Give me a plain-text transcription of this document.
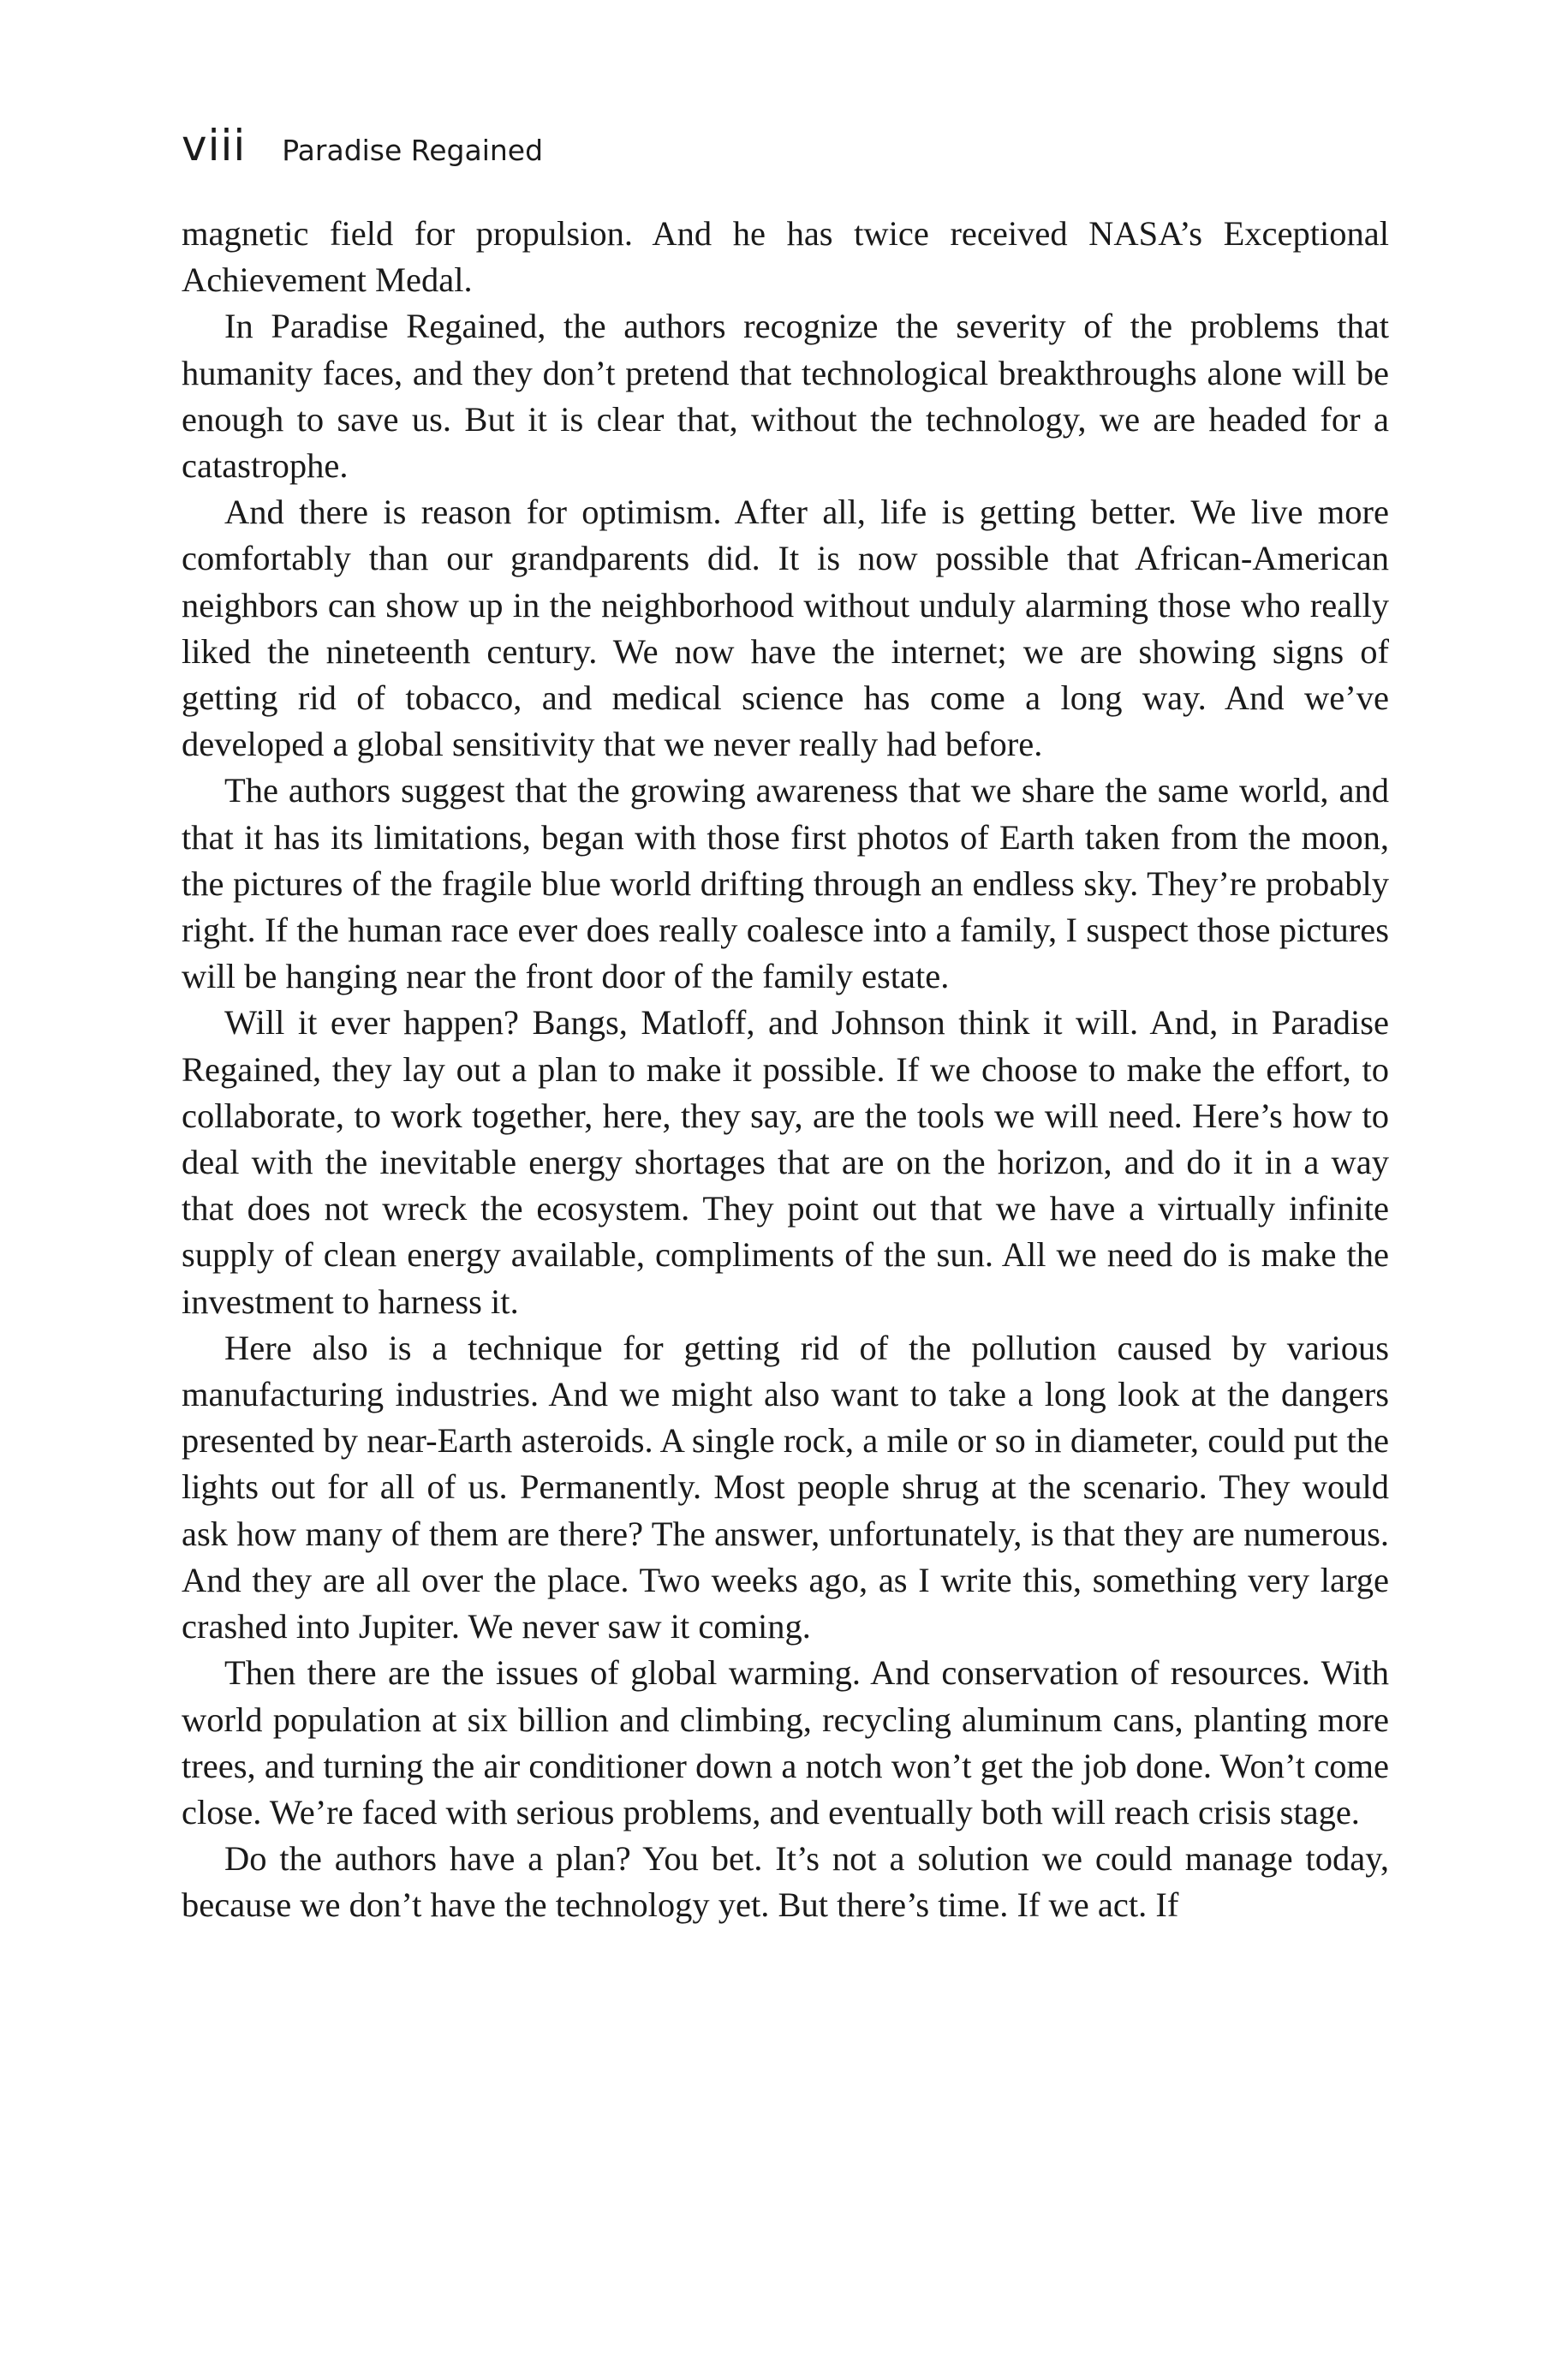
viii Paradise Regained

magnetic field for propulsion. And he has twice received NASA’s Exceptional Achievement Medal.

In Paradise Regained, the authors recognize the severity of the problems that humanity faces, and they don’t pretend that technological breakthroughs alone will be enough to save us. But it is clear that, without the technology, we are headed for a catastrophe.

And there is reason for optimism. After all, life is getting better. We live more comfortably than our grandparents did. It is now possible that African-American neighbors can show up in the neighborhood without unduly alarming those who really liked the nineteenth century. We now have the internet; we are showing signs of getting rid of tobacco, and medical science has come a long way. And we’ve developed a global sensitivity that we never really had before.

The authors suggest that the growing awareness that we share the same world, and that it has its limitations, began with those first photos of Earth taken from the moon, the pictures of the fragile blue world drifting through an endless sky. They’re probably right. If the human race ever does really coalesce into a family, I suspect those pictures will be hanging near the front door of the family estate.

Will it ever happen? Bangs, Matloff, and Johnson think it will. And, in Paradise Regained, they lay out a plan to make it possible. If we choose to make the effort, to collaborate, to work together, here, they say, are the tools we will need. Here’s how to deal with the inevitable energy shortages that are on the horizon, and do it in a way that does not wreck the ecosystem. They point out that we have a virtually infinite supply of clean energy available, compliments of the sun. All we need do is make the investment to harness it.

Here also is a technique for getting rid of the pollution caused by various manufacturing industries. And we might also want to take a long look at the dangers presented by near-Earth asteroids. A single rock, a mile or so in diameter, could put the lights out for all of us. Permanently. Most people shrug at the scenario. They would ask how many of them are there? The answer, unfortunately, is that they are numerous. And they are all over the place. Two weeks ago, as I write this, something very large crashed into Jupiter. We never saw it coming.

Then there are the issues of global warming. And conservation of resources. With world population at six billion and climbing, recycling aluminum cans, planting more trees, and turning the air conditioner down a notch won’t get the job done. Won’t come close. We’re faced with serious problems, and eventually both will reach crisis stage.

Do the authors have a plan? You bet. It’s not a solution we could manage today, because we don’t have the technology yet. But there’s time. If we act. If
